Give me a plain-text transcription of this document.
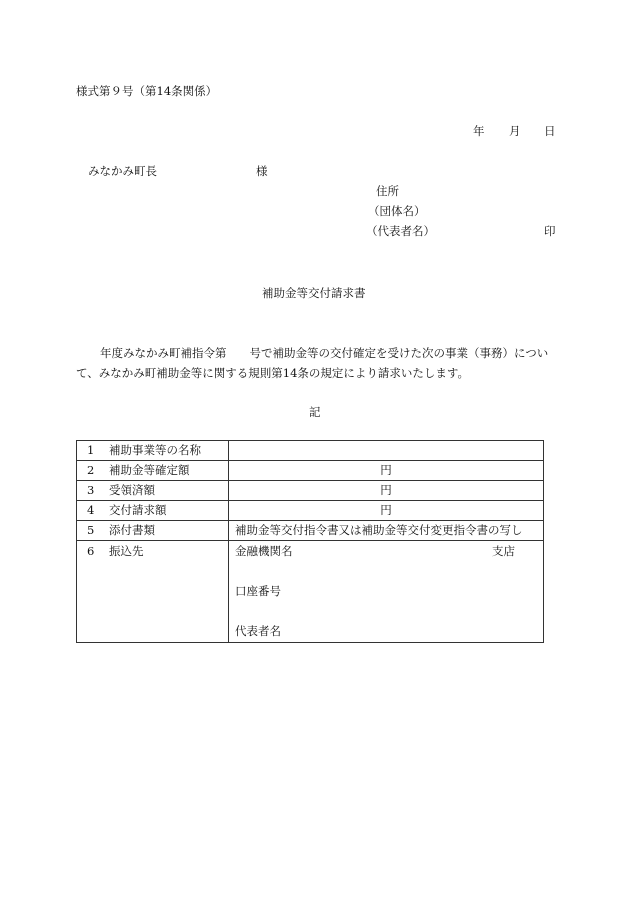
様式第９号（第14条関係）
年 月 日
みなかみ町長	様
住所
（団体名）
（代表者名）	印
補助金等交付請求書
年度みなかみ町補指令第　　号で補助金等の交付確定を受けた次の事業（事務）につい
て、みなかみ町補助金等に関する規則第14条の規定により請求いたします。
記
1 補助事業等の名称	
2 補助金等確定額	円
3 受領済額	円
4 交付請求額	円
5 添付書類	補助金等交付指令書又は補助金等交付変更指令書の写し
6 振込先	金融機関名 支店
口座番号
代表者名
